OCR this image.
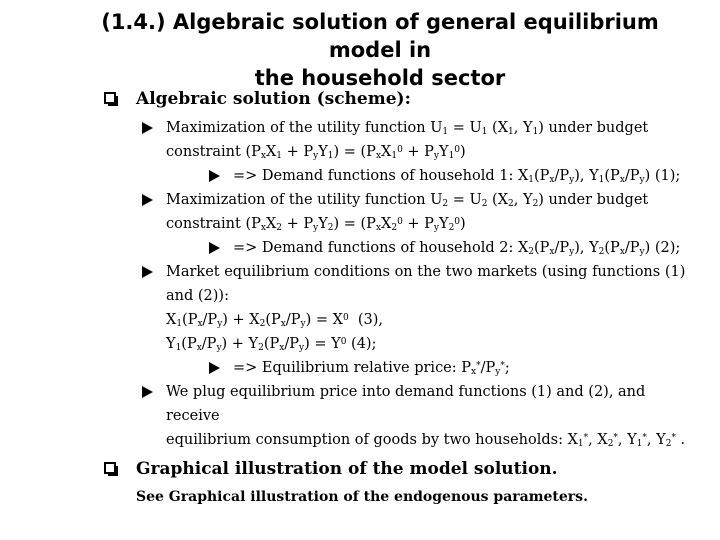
(1.4.) Algebraic solution of general equilibrium model in
the household sector
Algebraic solution (scheme):
Maximization of the utility function $U_1 = U_1$ ($X_1$, $Y_1$) under budget
constraint $(P_xX_1 + P_yY_1) = (P_xX_1^0 + P_yY_1^0)$
=> Demand functions of household 1: $X_1(P_x/P_y)$, $Y_1(P_x/P_y)$ (1);
Maximization of the utility function $U_2 = U_2$ ($X_2$, $Y_2$) under budget
constraint $(P_xX_2 + P_yY_2) = (P_xX_2^0 + P_yY_2^0)$
=> Demand functions of household 2: $X_2(P_x/P_y)$, $Y_2(P_x/P_y)$ (2);
Market equilibrium conditions on the two markets (using functions (1)
and (2)):
$X_1(P_x/P_y) + X_2(P_x/P_y) = X^0$  (3),
$Y_1(P_x/P_y) + Y_2(P_x/P_y) = Y^0$ (4);
=> Equilibrium relative price: $P_x^*/P_y^*$;
We plug equilibrium price into demand functions (1) and (2), and receive
equilibrium consumption of goods by two households: $X_1^*$, $X_2^*$, $Y_1^*$, $Y_2^*$ .
Graphical illustration of the model solution.
See Graphical illustration of the endogenous parameters.
